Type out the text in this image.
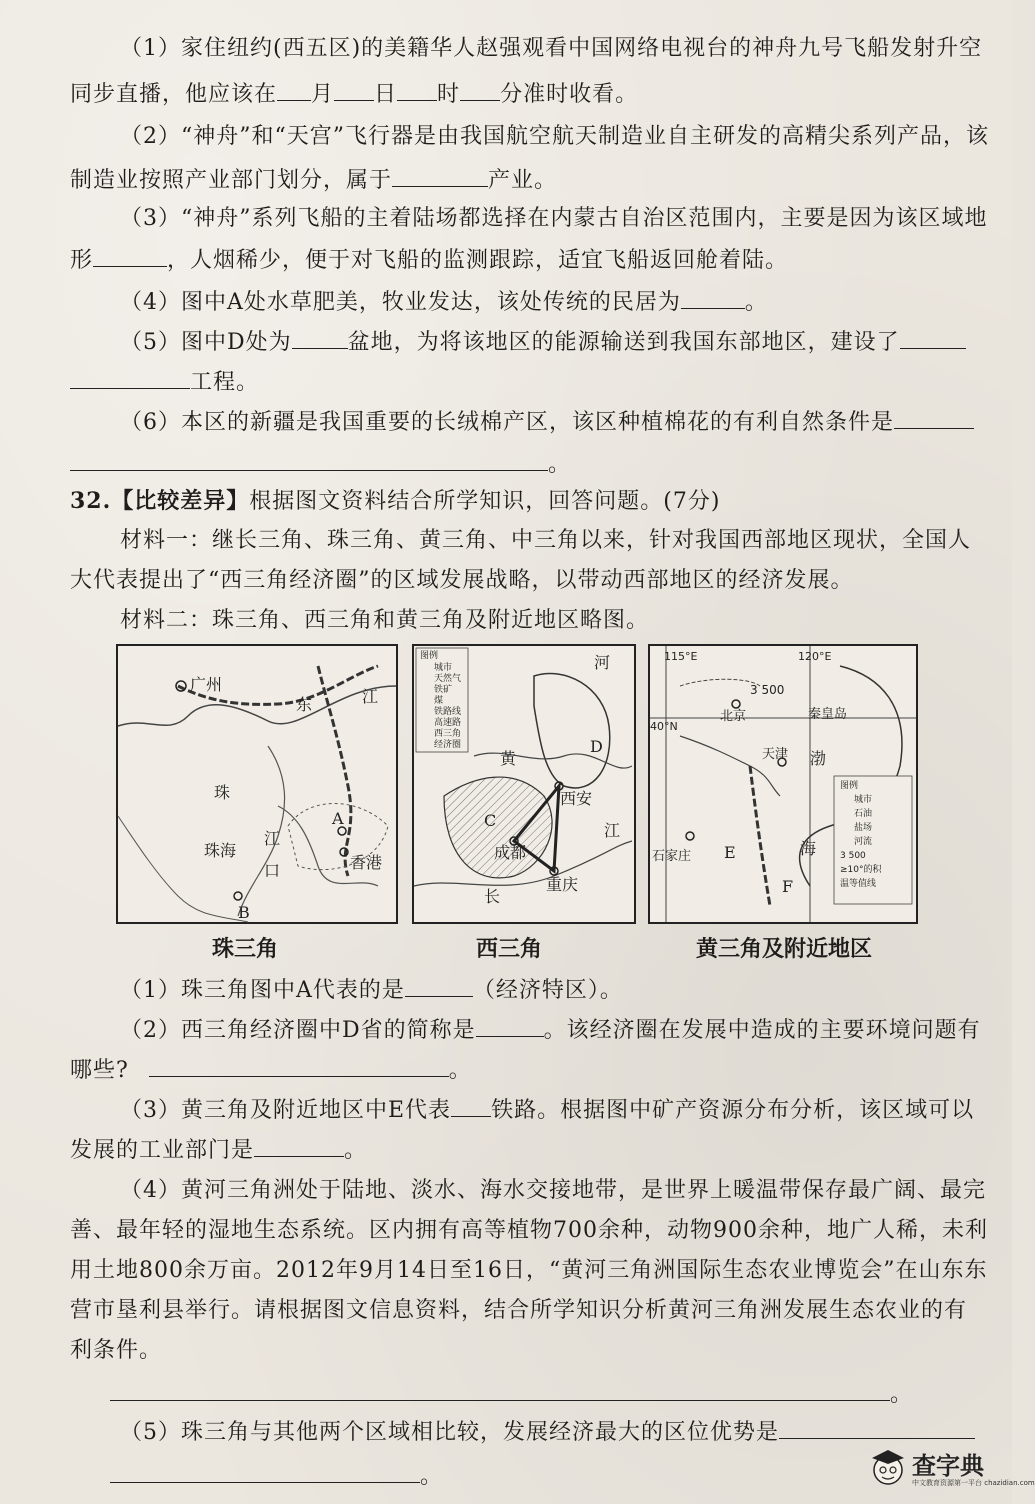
（1）家住纽约(西五区)的美籍华人赵强观看中国网络电视台的神舟九号飞船发射升空
同步直播，他应该在 月 日 时 分准时收看。
（2）“神舟”和“天宫”飞行器是由我国航空航天制造业自主研发的高精尖系列产品，该
制造业按照产业部门划分，属于	产业。
（3）“神舟”系列飞船的主着陆场都选择在内蒙古自治区范围内，主要是因为该区域地
形	，人烟稀少，便于对飞船的监测跟踪，适宜飞船返回舱着陆。
（4）图中A处水草肥美，牧业发达，该处传统的民居为	。
（5）图中D处为	盆地，为将该地区的能源输送到我国东部地区，建设了
工程。
（6）本区的新疆是我国重要的长绒棉产区，该区种植棉花的有利自然条件是
。
32.【比较差异】根据图文资料结合所学知识，回答问题。(7分)
材料一：继长三角、珠三角、黄三角、中三角以来，针对我国西部地区现状，全国人
大代表提出了“西三角经济圈”的区域发展战略，以带动西部地区的经济发展。
材料二：珠三角、西三角和黄三角及附近地区略图。
广州
东	江
珠
江
口
珠海
香港
A
B
图例
城市
天然气
铁矿
煤
铁路线
高速路
西三角
经济圈
河
黄
D
C
西安
成都
重庆
江
长
图例
城市
石油
盐场
河流
3 500
≥10°的积
温等值线
115°E	120°E
40°N
3 500
北京	秦皇岛
天津 渤
海
石家庄 E
F
珠三角	西三角	黄三角及附近地区
（1）珠三角图中A代表的是	（经济特区）。
（2）西三角经济圈中D省的简称是	。该经济圈在发展中造成的主要环境问题有
哪些?	。
（3）黄三角及附近地区中E代表 铁路。根据图中矿产资源分布分析，该区域可以
发展的工业部门是	。
（4）黄河三角洲处于陆地、淡水、海水交接地带，是世界上暖温带保存最广阔、最完
善、最年轻的湿地生态系统。区内拥有高等植物700余种，动物900余种，地广人稀，未利
用土地800余万亩。2012年9月14日至16日，“黄河三角洲国际生态农业博览会”在山东东
营市垦利县举行。请根据图文信息资料，结合所学知识分析黄河三角洲发展生态农业的有
利条件。
。
（5）珠三角与其他两个区域相比较，发展经济最大的区位优势是
。	查字典
中文教育资源第一平台 chazidian.com
